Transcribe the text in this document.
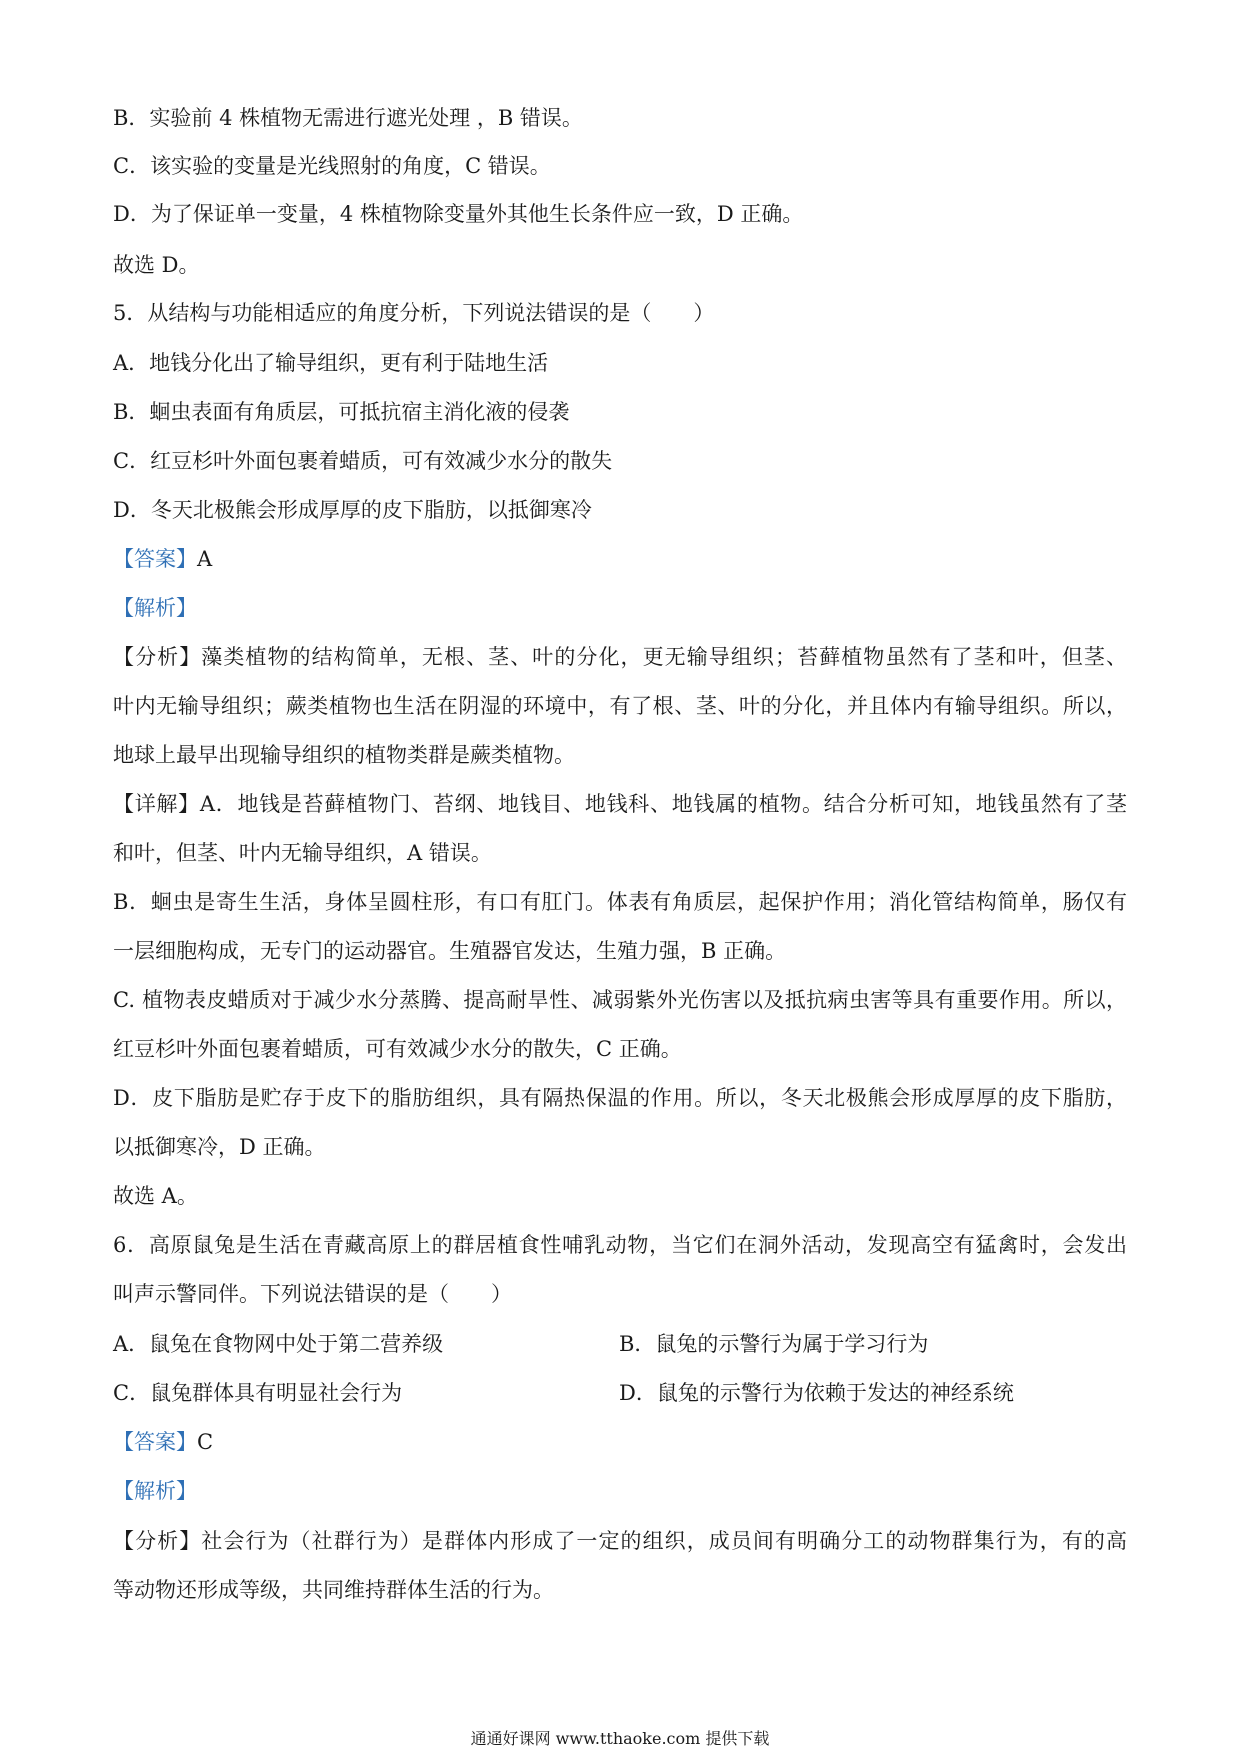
B．实验前 4 株植物无需进行遮光处理 ，B 错误。
C．该实验的变量是光线照射的角度，C 错误。
D．为了保证单一变量，4 株植物除变量外其他生长条件应一致，D 正确。
故选 D。
5．从结构与功能相适应的角度分析，下列说法错误的是（　　）
A．地钱分化出了输导组织，更有利于陆地生活
B．蛔虫表面有角质层，可抵抗宿主消化液的侵袭
C．红豆杉叶外面包裹着蜡质，可有效减少水分的散失
D．冬天北极熊会形成厚厚的皮下脂肪，以抵御寒冷
【答案】A
【解析】
【分析】藻类植物的结构简单，无根、茎、叶的分化，更无输导组织；苔藓植物虽然有了茎和叶，但茎、
叶内无输导组织；蕨类植物也生活在阴湿的环境中，有了根、茎、叶的分化，并且体内有输导组织。所以，
地球上最早出现输导组织的植物类群是蕨类植物。
【详解】A．地钱是苔藓植物门、苔纲、地钱目、地钱科、地钱属的植物。结合分析可知，地钱虽然有了茎
和叶，但茎、叶内无输导组织，A 错误。
B．蛔虫是寄生生活，身体呈圆柱形，有口有肛门。体表有角质层，起保护作用；消化管结构简单，肠仅有
一层细胞构成，无专门的运动器官。生殖器官发达，生殖力强，B 正确。
C. 植物表皮蜡质对于减少水分蒸腾、提高耐旱性、减弱紫外光伤害以及抵抗病虫害等具有重要作用。所以，
红豆杉叶外面包裹着蜡质，可有效减少水分的散失，C 正确。
D．皮下脂肪是贮存于皮下的脂肪组织，具有隔热保温的作用。所以，冬天北极熊会形成厚厚的皮下脂肪，
以抵御寒冷，D 正确。
故选 A。
6．高原鼠兔是生活在青藏高原上的群居植食性哺乳动物，当它们在洞外活动，发现高空有猛禽时，会发出
叫声示警同伴。下列说法错误的是（　　）
A．鼠兔在食物网中处于第二营养级	B．鼠兔的示警行为属于学习行为
C．鼠兔群体具有明显社会行为	D．鼠兔的示警行为依赖于发达的神经系统
【答案】C
【解析】
【分析】社会行为（社群行为）是群体内形成了一定的组织，成员间有明确分工的动物群集行为，有的高
等动物还形成等级，共同维持群体生活的行为。
通通好课网 www.tthaoke.com 提供下载
